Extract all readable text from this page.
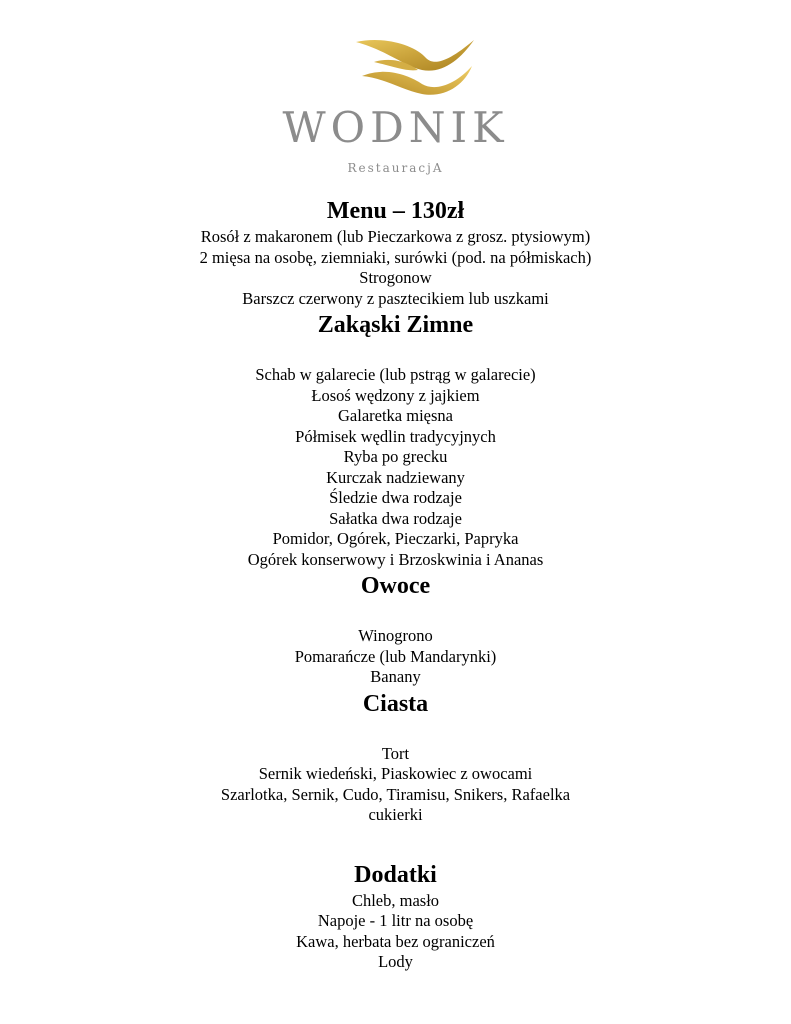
WODNIK
RestauracjA
Menu – 130zł

Rosół z makaronem (lub Pieczarkowa z grosz. ptysiowym)

2 mięsa na osobę, ziemniaki, surówki (pod. na półmiskach)

Strogonow

Barszcz czerwony z pasztecikiem lub uszkami

Zakąski Zimne

Schab w galarecie (lub pstrąg w galarecie)

Łosoś wędzony z jajkiem

Galaretka mięsna

Półmisek wędlin tradycyjnych

Ryba po grecku

Kurczak nadziewany

Śledzie dwa rodzaje

Sałatka dwa rodzaje

Pomidor, Ogórek, Pieczarki, Papryka

Ogórek konserwowy i Brzoskwinia i Ananas

Owoce

Winogrono

Pomarańcze (lub Mandarynki)

Banany

Ciasta

Tort

Sernik wiedeński, Piaskowiec z owocami

Szarlotka, Sernik, Cudo, Tiramisu, Snikers, Rafaelka

cukierki

Dodatki

Chleb, masło

Napoje - 1 litr na osobę

Kawa, herbata bez ograniczeń

Lody
